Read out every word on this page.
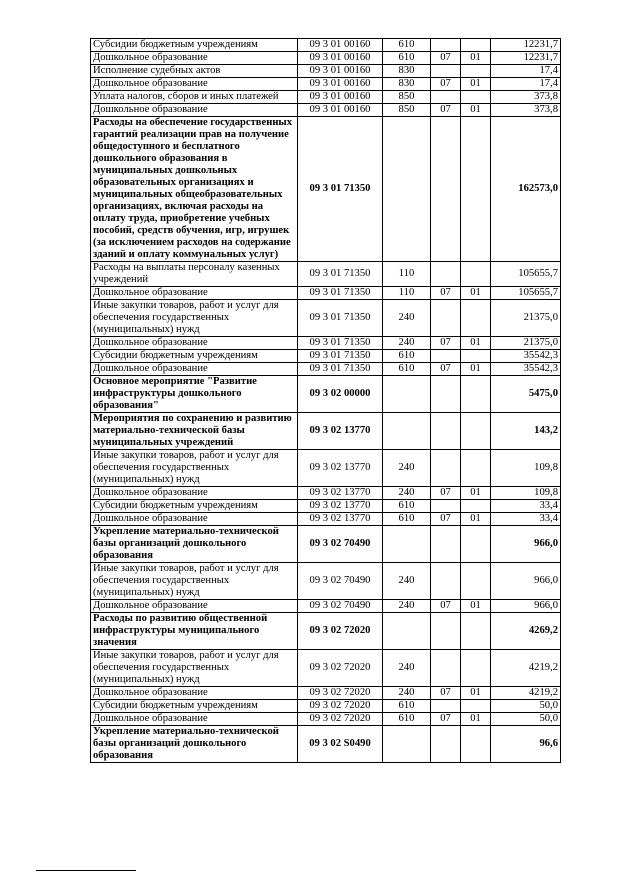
Субсидии бюджетным учреждениям	09 3 01 00160	610			12231,7
Дошкольное образование	09 3 01 00160	610	07	01	12231,7
Исполнение судебных актов	09 3 01 00160	830			17,4
Дошкольное образование	09 3 01 00160	830	07	01	17,4
Уплата налогов, сборов и иных платежей	09 3 01 00160	850			373,8
Дошкольное образование	09 3 01 00160	850	07	01	373,8
Расходы на обеспечение государственных гарантий реализации прав на получение общедоступного и бесплатного дошкольного образования в муниципальных дошкольных образовательных организациях и муниципальных общеобразовательных организациях, включая расходы на оплату труда, приобретение учебных пособий, средств обучения, игр, игрушек (за исключением расходов на содержание зданий и оплату коммунальных услуг)	09 3 01 71350				162573,0
Расходы на выплаты персоналу казенных учреждений	09 3 01 71350	110			105655,7
Дошкольное образование	09 3 01 71350	110	07	01	105655,7
Иные закупки товаров, работ и услуг для обеспечения государственных (муниципальных) нужд	09 3 01 71350	240			21375,0
Дошкольное образование	09 3 01 71350	240	07	01	21375,0
Субсидии бюджетным учреждениям	09 3 01 71350	610			35542,3
Дошкольное образование	09 3 01 71350	610	07	01	35542,3
Основное мероприятие "Развитие инфраструктуры дошкольного образования"	09 3 02 00000				5475,0
Мероприятия по сохранению и развитию материально-технической базы муниципальных учреждений	09 3 02 13770				143,2
Иные закупки товаров, работ и услуг для обеспечения государственных (муниципальных) нужд	09 3 02 13770	240			109,8
Дошкольное образование	09 3 02 13770	240	07	01	109,8
Субсидии бюджетным учреждениям	09 3 02 13770	610			33,4
Дошкольное образование	09 3 02 13770	610	07	01	33,4
Укрепление материально-технической базы организаций дошкольного образования	09 3 02 70490				966,0
Иные закупки товаров, работ и услуг для обеспечения государственных (муниципальных) нужд	09 3 02 70490	240			966,0
Дошкольное образование	09 3 02 70490	240	07	01	966,0
Расходы по развитию общественной инфраструктуры муниципального значения	09 3 02 72020				4269,2
Иные закупки товаров, работ и услуг для обеспечения государственных (муниципальных) нужд	09 3 02 72020	240			4219,2
Дошкольное образование	09 3 02 72020	240	07	01	4219,2
Субсидии бюджетным учреждениям	09 3 02 72020	610			50,0
Дошкольное образование	09 3 02 72020	610	07	01	50,0
Укрепление материально-технической базы организаций дошкольного образования	09 3 02 S0490				96,6
